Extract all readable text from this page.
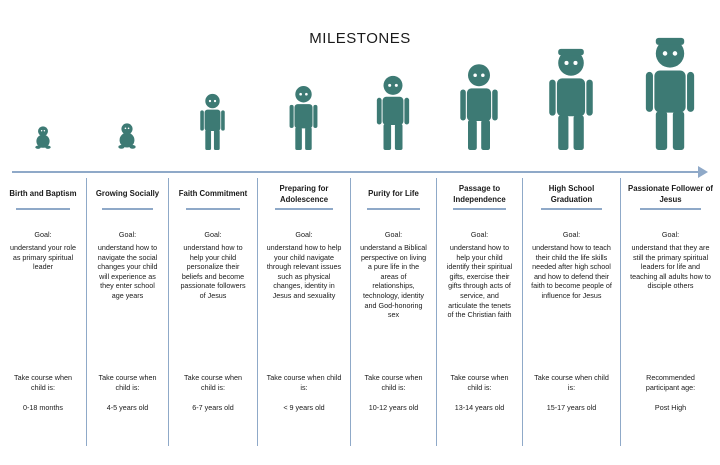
MILESTONES
Birth and Baptism
Goal:
understand your role as primary spiritual leader
Take course when child is:
0-18 months
Growing Socially
Goal:
understand how to navigate the social changes your child will experience as they enter school age years
Take course when child is:
4-5 years old
Faith Commitment
Goal:
understand how to help your child personalize their beliefs and become passionate followers of Jesus
Take course when child is:
6-7 years old
Preparing for Adolescence
Goal:
understand how to help your child navigate through relevant issues such as physical changes, identity in Jesus and sexuality
Take course when child is:
< 9 years old
Purity for Life
Goal:
understand a Biblical perspective on living a pure life in the areas of relationships, technology, identity and God-honoring sex
Take course when child is:
10-12 years old
Passage to Independence
Goal:
understand how to help your child identify their spiritual gifts, exercise their gifts through acts of service, and articulate the tenets of the Christian faith
Take course when child is:
13-14 years old
High School Graduation
Goal:
understand how to teach their child the life skills needed after high school and how to defend their faith to become people of influence for Jesus
Take course when child is:
15-17 years old
Passionate Follower of Jesus
Goal:
understand that they are still the primary spiritual leaders for life and teaching all adults how to disciple others
Recommended participant age:
Post High
